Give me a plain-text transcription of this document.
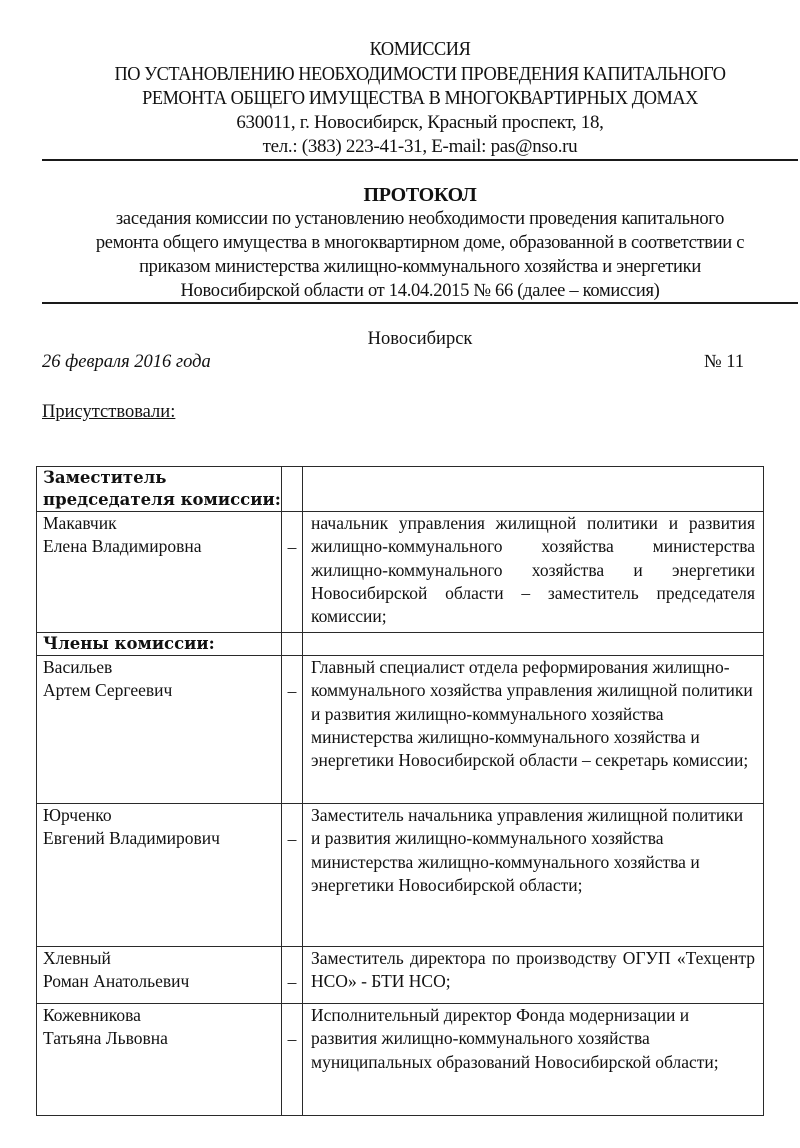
КОМИССИЯ
ПО УСТАНОВЛЕНИЮ НЕОБХОДИМОСТИ ПРОВЕДЕНИЯ КАПИТАЛЬНОГО
РЕМОНТА ОБЩЕГО ИМУЩЕСТВА В МНОГОКВАРТИРНЫХ ДОМАХ
630011, г. Новосибирск, Красный проспект, 18,
тел.: (383) 223-41-31, E-mail: pas@nso.ru
ПРОТОКОЛ
заседания комиссии по установлению необходимости проведения капитального
ремонта общего имущества в многоквартирном доме, образованной в соответствии с
приказом министерства жилищно-коммунального хозяйства и энергетики
Новосибирской области от 14.04.2015 № 66 (далее – комиссия)
Новосибирск
26 февраля 2016 года	№ 11
Присутствовали:
Заместитель председателя комиссии:		

Макавчик
Елена Владимировна	–	начальник управления жилищной политики и развития жилищно-коммунального хозяйства министерства жилищно-коммунального хозяйства и энергетики Новосибирской области – заместитель председателя комиссии;
Члены комиссии:		

Васильев
Артем Сергеевич	–	Главный специалист отдела реформирования жилищно-коммунального хозяйства управления жилищной политики и развития жилищно-коммунального хозяйства министерства жилищно-коммунального хозяйства и энергетики Новосибирской области – секретарь комиссии;

Юрченко
Евгений Владимирович	–	Заместитель начальника управления жилищной политики и развития жилищно-коммунального хозяйства министерства жилищно-коммунального хозяйства и энергетики Новосибирской области;

Хлевный
Роман Анатольевич	–	Заместитель директора по производству ОГУП «Техцентр НСО» - БТИ НСО;

Кожевникова
Татьяна Львовна	–	Исполнительный директор Фонда модернизации и развития жилищно-коммунального хозяйства муниципальных образований Новосибирской области;
